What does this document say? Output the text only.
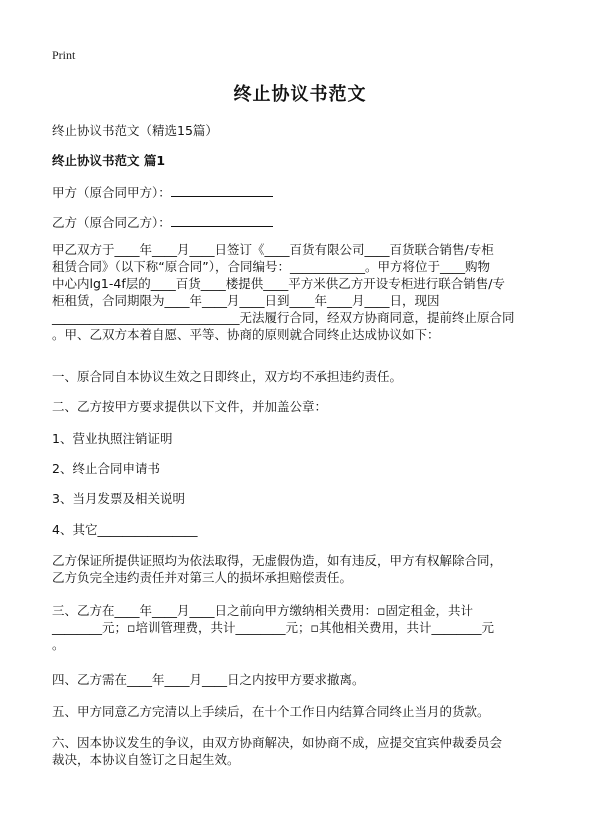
Print
终止协议书范文
终止协议书范文（精选15篇）
终止协议书范文 篇1
甲方（原合同甲方）：
乙方（原合同乙方）：
甲乙双方于____年____月____日签订《____百货有限公司____百货联合销售/专柜
租赁合同》（以下称“原合同”），合同编号：____________。甲方将位于____购物
中心内lg1-4f层的____百货____楼提供____平方米供乙方开设专柜进行联合销售/专
柜租赁，合同期限为____年____月____日到____年____月____日，现因
______________________________无法履行合同，经双方协商同意，提前终止原合同
。甲、乙双方本着自愿、平等、协商的原则就合同终止达成协议如下：
一、原合同自本协议生效之日即终止，双方均不承担违约责任。
二、乙方按甲方要求提供以下文件，并加盖公章：
1、营业执照注销证明
2、终止合同申请书
3、当月发票及相关说明
4、其它________________
乙方保证所提供证照均为依法取得，无虚假伪造，如有违反，甲方有权解除合同，
乙方负完全违约责任并对第三人的损坏承担赔偿责任。
三、乙方在____年____月____日之前向甲方缴纳相关费用：▫固定租金，共计
________元；▫培训管理费，共计________元；▫其他相关费用，共计________元
。
四、乙方需在____年____月____日之内按甲方要求撤离。
五、甲方同意乙方完清以上手续后，在十个工作日内结算合同终止当月的货款。
六、因本协议发生的争议，由双方协商解决，如协商不成，应提交宜宾仲裁委员会
裁决，本协议自签订之日起生效。
